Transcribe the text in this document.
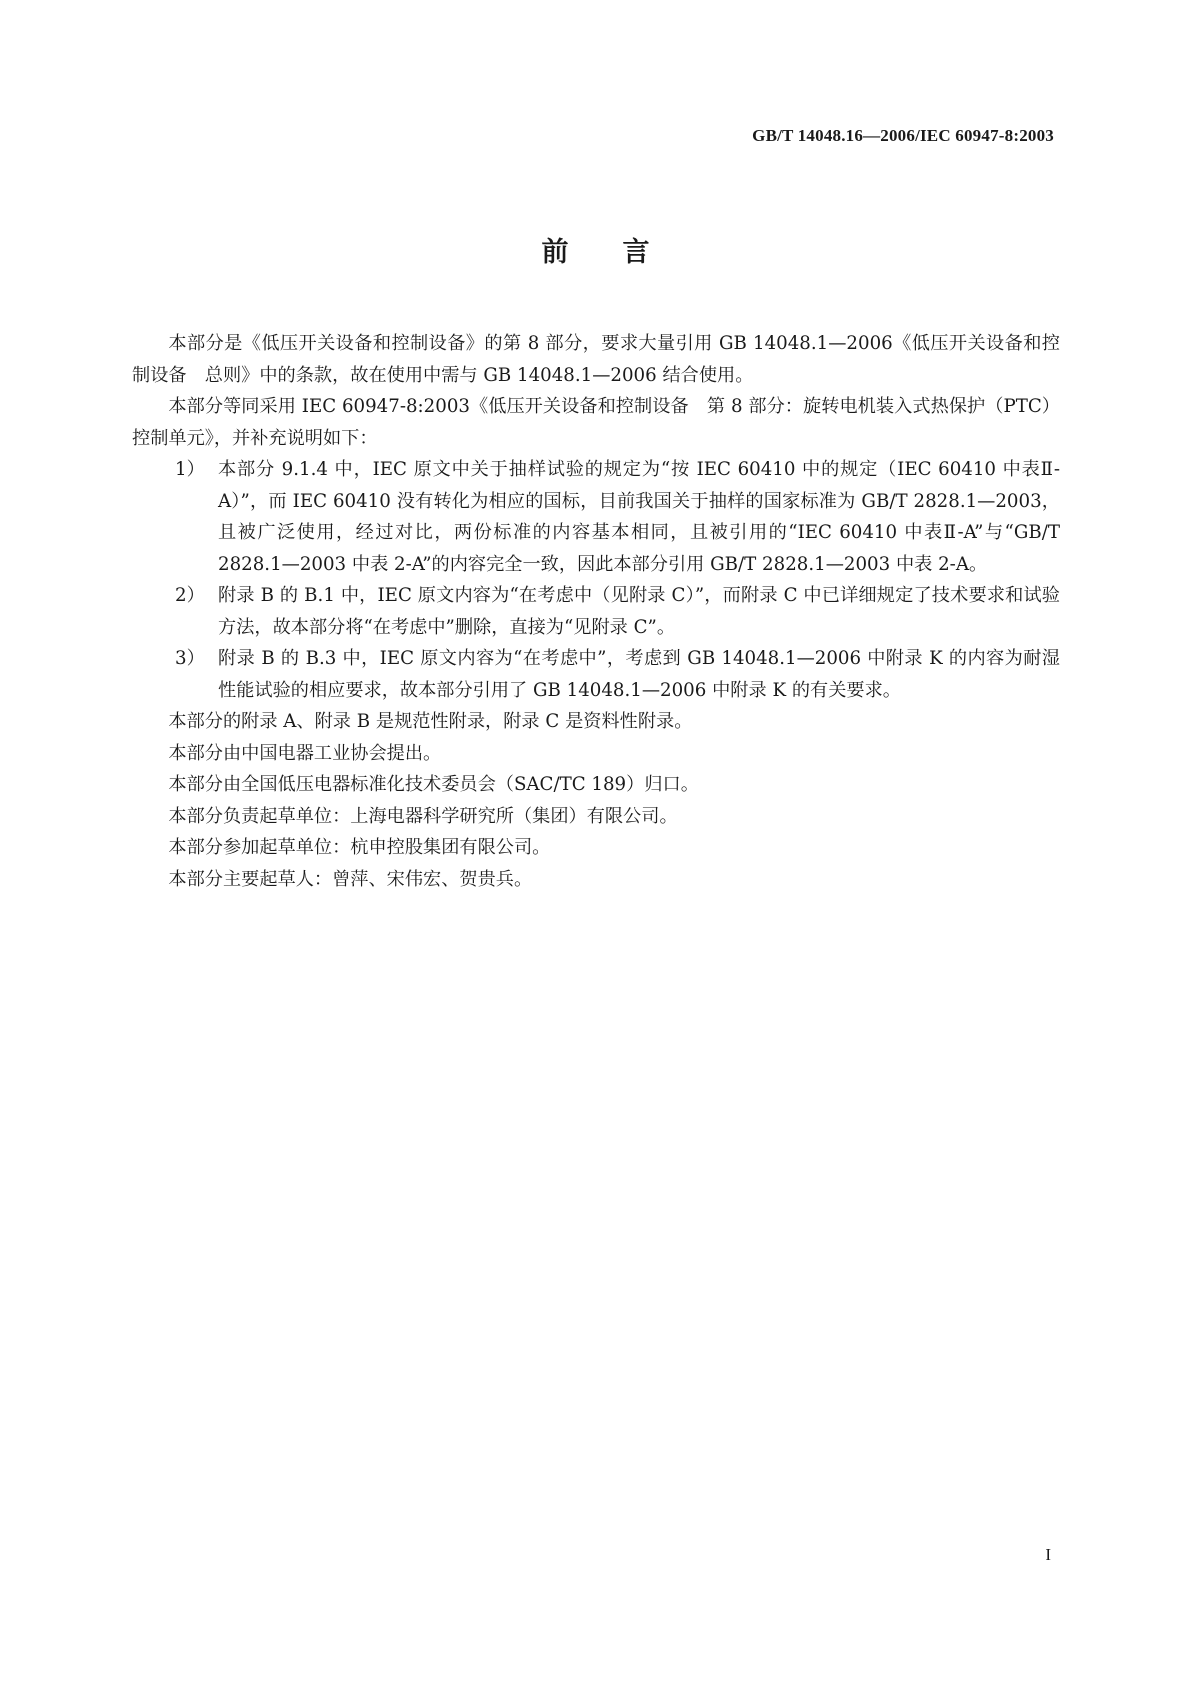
GB/T 14048.16—2006/IEC 60947-8:2003
前 言

本部分是《低压开关设备和控制设备》的第 8 部分，要求大量引用 GB 14048.1—2006《低压开关设备和控制设备　总则》中的条款，故在使用中需与 GB 14048.1—2006 结合使用。

本部分等同采用 IEC 60947-8:2003《低压开关设备和控制设备　第 8 部分：旋转电机装入式热保护（PTC）控制单元》，并补充说明如下：

1） 本部分 9.1.4 中，IEC 原文中关于抽样试验的规定为“按 IEC 60410 中的规定（IEC 60410 中表Ⅱ-A）”，而 IEC 60410 没有转化为相应的国标，目前我国关于抽样的国家标准为 GB/T 2828.1—2003，且被广泛使用，经过对比，两份标准的内容基本相同，且被引用的“IEC 60410 中表Ⅱ-A”与“GB/T 2828.1—2003 中表 2-A”的内容完全一致，因此本部分引用 GB/T 2828.1—2003 中表 2-A。
2） 附录 B 的 B.1 中，IEC 原文内容为“在考虑中（见附录 C）”，而附录 C 中已详细规定了技术要求和试验方法，故本部分将“在考虑中”删除，直接为“见附录 C”。
3） 附录 B 的 B.3 中，IEC 原文内容为“在考虑中”，考虑到 GB 14048.1—2006 中附录 K 的内容为耐湿性能试验的相应要求，故本部分引用了 GB 14048.1—2006 中附录 K 的有关要求。

本部分的附录 A、附录 B 是规范性附录，附录 C 是资料性附录。

本部分由中国电器工业协会提出。

本部分由全国低压电器标准化技术委员会（SAC/TC 189）归口。

本部分负责起草单位：上海电器科学研究所（集团）有限公司。

本部分参加起草单位：杭申控股集团有限公司。

本部分主要起草人：曾萍、宋伟宏、贺贵兵。

I
